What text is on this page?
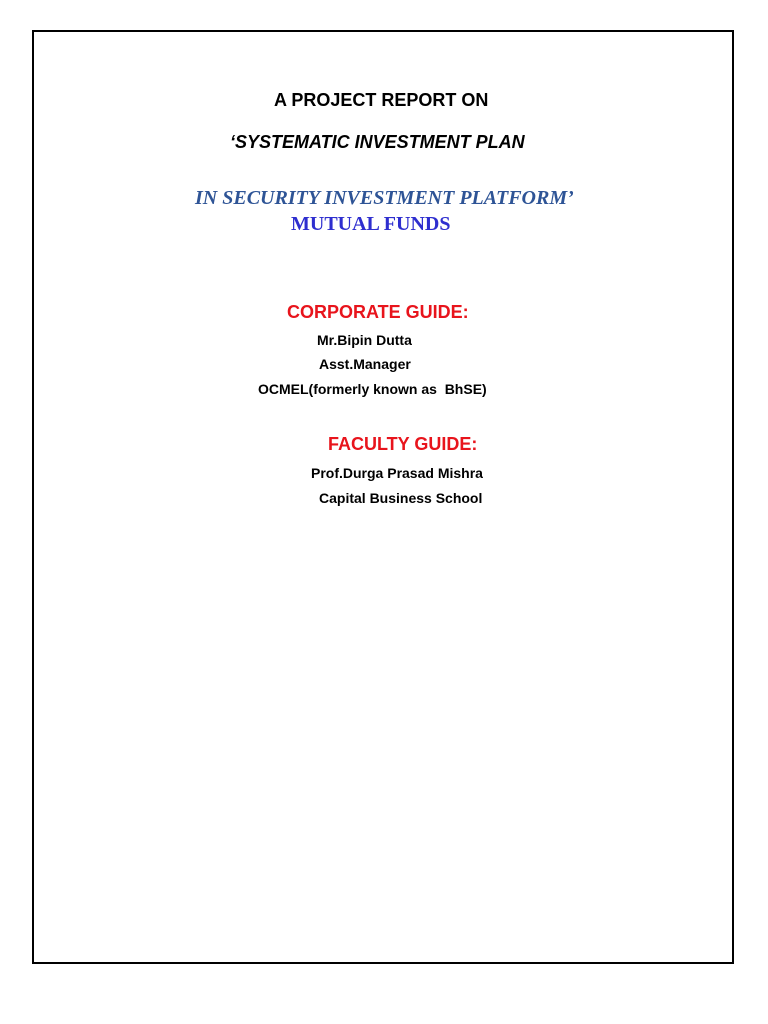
A PROJECT REPORT ON

‘SYSTEMATIC INVESTMENT PLAN

IN SECURITY INVESTMENT PLATFORM’

MUTUAL FUNDS

CORPORATE GUIDE:

Mr.Bipin Dutta

Asst.Manager

OCMEL(formerly known as  BhSE)

FACULTY GUIDE:

Prof.Durga Prasad Mishra

Capital Business School
